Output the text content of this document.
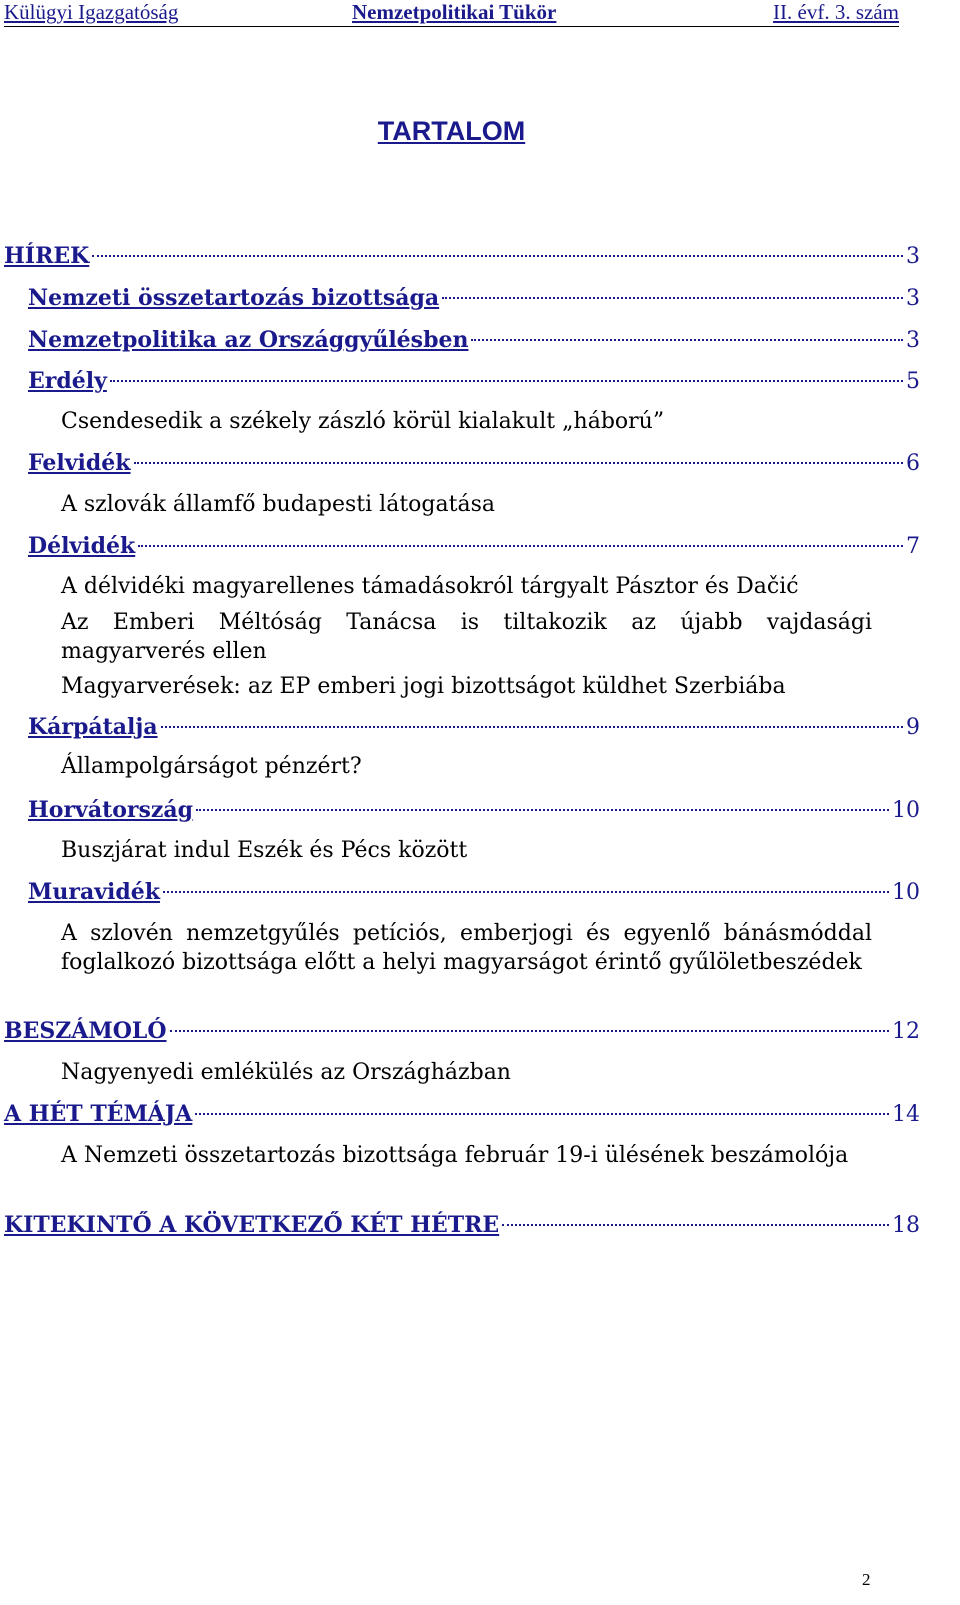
Külügyi Igazgatóság	Nemzetpolitikai Tükör	II. évf. 3. szám
TARTALOM
HÍREK	3
Nemzeti összetartozás bizottsága	3
Nemzetpolitika az Országgyűlésben	3
Erdély	5
Csendesedik a székely zászló körül kialakult „háború”
Felvidék	6
A szlovák államfő budapesti látogatása
Délvidék	7
A délvidéki magyarellenes támadásokról tárgyalt Pásztor és Dačić
Az Emberi Méltóság Tanácsa is tiltakozik az újabb vajdasági magyarverés ellen
Magyarverések: az EP emberi jogi bizottságot küldhet Szerbiába
Kárpátalja	9
Állampolgárságot pénzért?
Horvátország	10
Buszjárat indul Eszék és Pécs között
Muravidék	10
A szlovén nemzetgyűlés petíciós, emberjogi és egyenlő bánásmóddal foglalkozó bizottsága előtt a helyi magyarságot érintő gyűlöletbeszédek
BESZÁMOLÓ	12
Nagyenyedi emlékülés az Országházban
A HÉT TÉMÁJA	14
A Nemzeti összetartozás bizottsága február 19-i ülésének beszámolója
KITEKINTŐ A KÖVETKEZŐ KÉT HÉTRE	18
2
